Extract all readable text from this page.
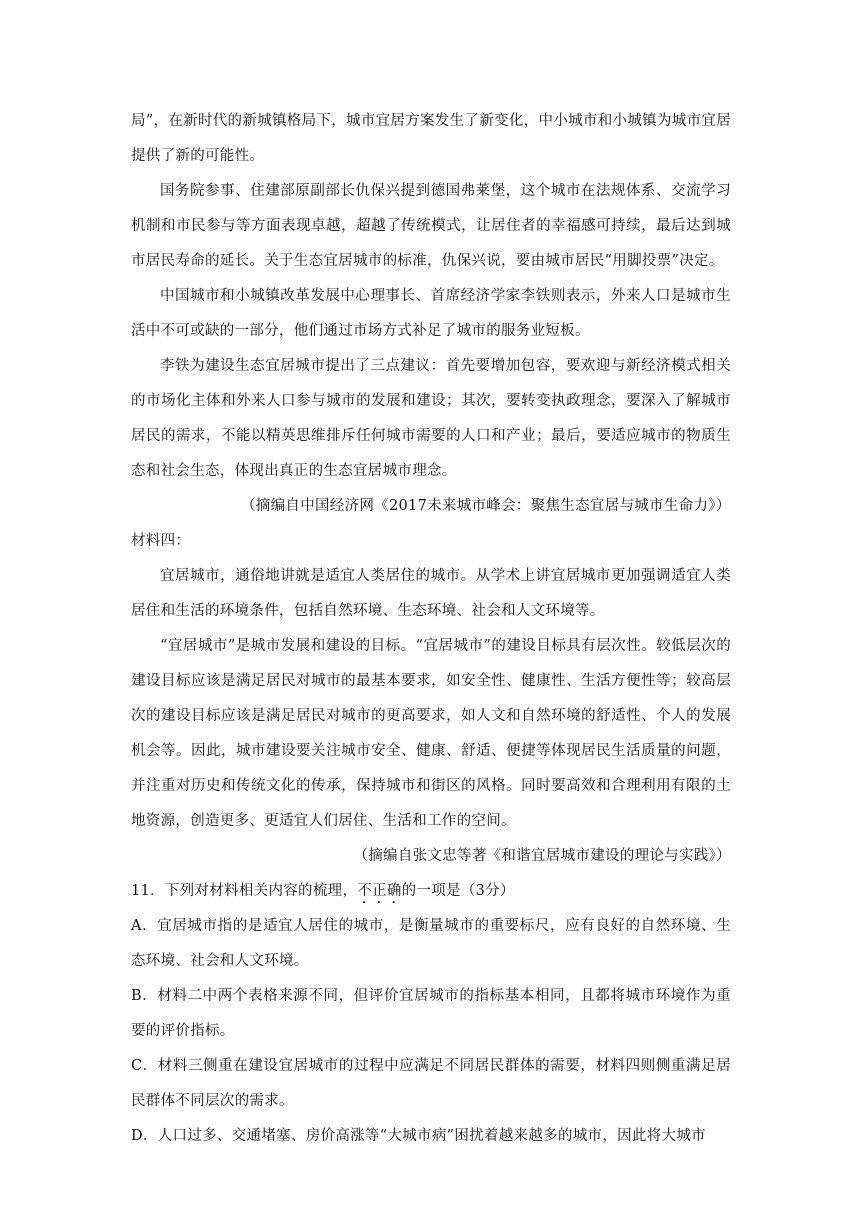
局”，在新时代的新城镇格局下，城市宜居方案发生了新变化，中小城市和小城镇为城市宜居提供了新的可能性。

国务院参事、住建部原副部长仇保兴提到德国弗莱堡，这个城市在法规体系、交流学习机制和市民参与等方面表现卓越，超越了传统模式，让居住者的幸福感可持续，最后达到城市居民寿命的延长。关于生态宜居城市的标准，仇保兴说，要由城市居民“用脚投票”决定。

中国城市和小城镇改革发展中心理事长、首席经济学家李铁则表示，外来人口是城市生活中不可或缺的一部分，他们通过市场方式补足了城市的服务业短板。

李铁为建设生态宜居城市提出了三点建议：首先要增加包容，要欢迎与新经济模式相关的市场化主体和外来人口参与城市的发展和建设；其次，要转变执政理念，要深入了解城市居民的需求，不能以精英思维排斥任何城市需要的人口和产业；最后，要适应城市的物质生态和社会生态，体现出真正的生态宜居城市理念。

（摘编自中国经济网《2017未来城市峰会：聚焦生态宜居与城市生命力》）

材料四：

宜居城市，通俗地讲就是适宜人类居住的城市。从学术上讲宜居城市更加强调适宜人类居住和生活的环境条件，包括自然环境、生态环境、社会和人文环境等。

“宜居城市”是城市发展和建设的目标。“宜居城市”的建设目标具有层次性。较低层次的建设目标应该是满足居民对城市的最基本要求，如安全性、健康性、生活方便性等；较高层次的建设目标应该是满足居民对城市的更高要求，如人文和自然环境的舒适性、个人的发展机会等。因此，城市建设要关注城市安全、健康、舒适、便捷等体现居民生活质量的问题，并注重对历史和传统文化的传承，保持城市和街区的风格。同时要高效和合理利用有限的土地资源，创造更多、更适宜人们居住、生活和工作的空间。

（摘编自张文忠等著《和谐宜居城市建设的理论与实践》）

11．下列对材料相关内容的梳理，不正确的一项是（3分）

A．宜居城市指的是适宜人居住的城市，是衡量城市的重要标尺，应有良好的自然环境、生态环境、社会和人文环境。

B．材料二中两个表格来源不同，但评价宜居城市的指标基本相同，且都将城市环境作为重要的评价指标。

C．材料三侧重在建设宜居城市的过程中应满足不同居民群体的需要，材料四则侧重满足居民群体不同层次的需求。

D．人口过多、交通堵塞、房价高涨等“大城市病”困扰着越来越多的城市，因此将大城市
